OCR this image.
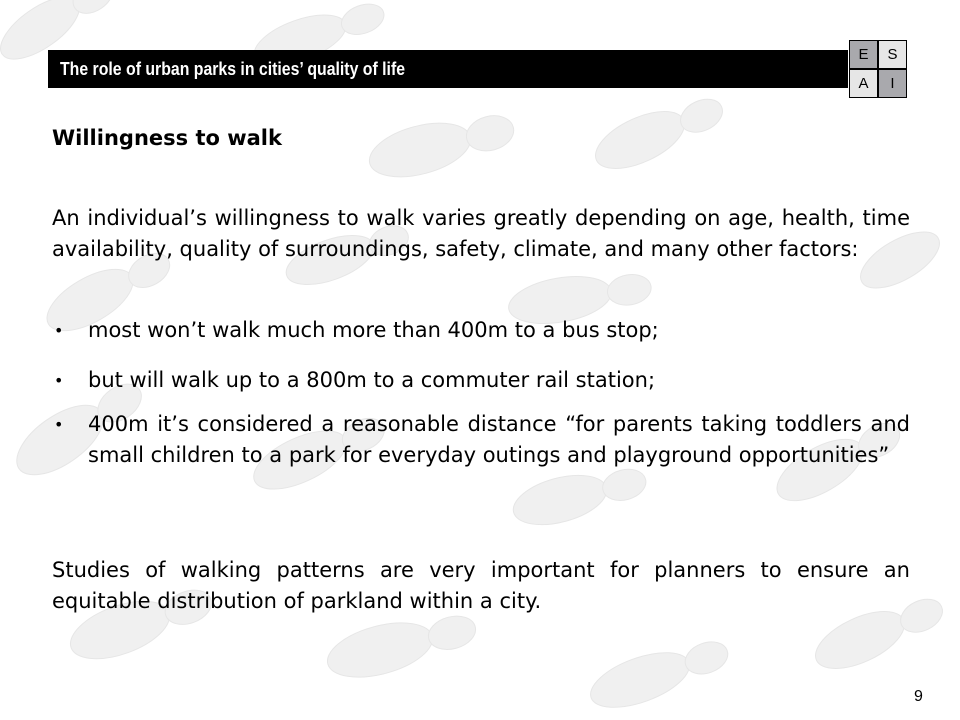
The role of urban parks in cities’ quality of life
E	S
A	I
Willingness to walk
An individual’s willingness to walk varies greatly depending on age, health, time availability, quality of surroundings, safety, climate, and many other factors:
• most won’t walk much more than 400m to a bus stop;
• but will walk up to a 800m to a commuter rail station;
• 400m it’s considered a reasonable distance “for parents taking toddlers and small children to a park for everyday outings and playground opportunities”
Studies of walking patterns are very important for planners to ensure an equitable distribution of parkland within a city.
9
